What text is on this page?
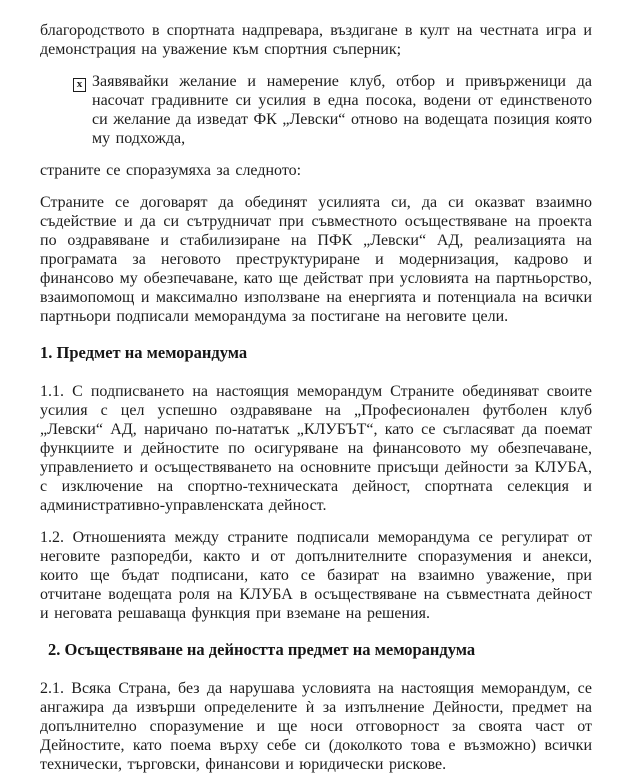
благородството в спортната надпревара, въздигане в култ на честната игра и демонстрация на уважение към спортния съперник;

x Заявявайки желание и намерение клуб, отбор и привърженици да насочат градивните си усилия в една посока, водени от единственото си желание да изведат ФК „Левски“ отново на водещата позиция която му подхожда,

страните се споразумяха за следното:

Страните се договарят да обединят усилията си, да си оказват взаимно съдействие и да си сътрудничат при съвместното осъществяване на проекта по оздравяване и стабилизиране на ПФК „Левски“ АД, реализацията на програмата за неговото преструктуриране и модернизация, кадрово и финансово му обезпечаване, като ще действат при условията на партньорство, взаимопомощ и максимално използване на енергията и потенциала на всички партньори подписали меморандума за постигане на неговите цели.

1. Предмет на меморандума

1.1. С подписването на настоящия меморандум Страните обединяват своите усилия с цел успешно оздравяване на „Професионален футболен клуб „Левски“ АД, наричано по-нататък „КЛУБЪТ“, като се съгласяват да поемат функциите и дейностите по осигуряване на финансовото му обезпечаване, управлението и осъществяването на основните присъщи дейности за КЛУБА, с изключение на спортно-техническата дейност, спортната селекция и административно-управленската дейност.

1.2. Отношенията между страните подписали меморандума се регулират от неговите разпоредби, както и от допълнителните споразумения и анекси, които ще бъдат подписани, като се базират на взаимно уважение, при отчитане водещата роля на КЛУБА в осъществяване на съвместната дейност и неговата решаваща функция при вземане на решения.

2. Осъществяване на дейността предмет на меморандума

2.1. Всяка Страна, без да нарушава условията на настоящия меморандум, се ангажира да извърши определените ѝ за изпълнение Дейности, предмет на допълнително споразумение и ще носи отговорност за своята част от Дейностите, като поема върху себе си (доколкото това е възможно) всички технически, търговски, финансови и юридически рискове.
